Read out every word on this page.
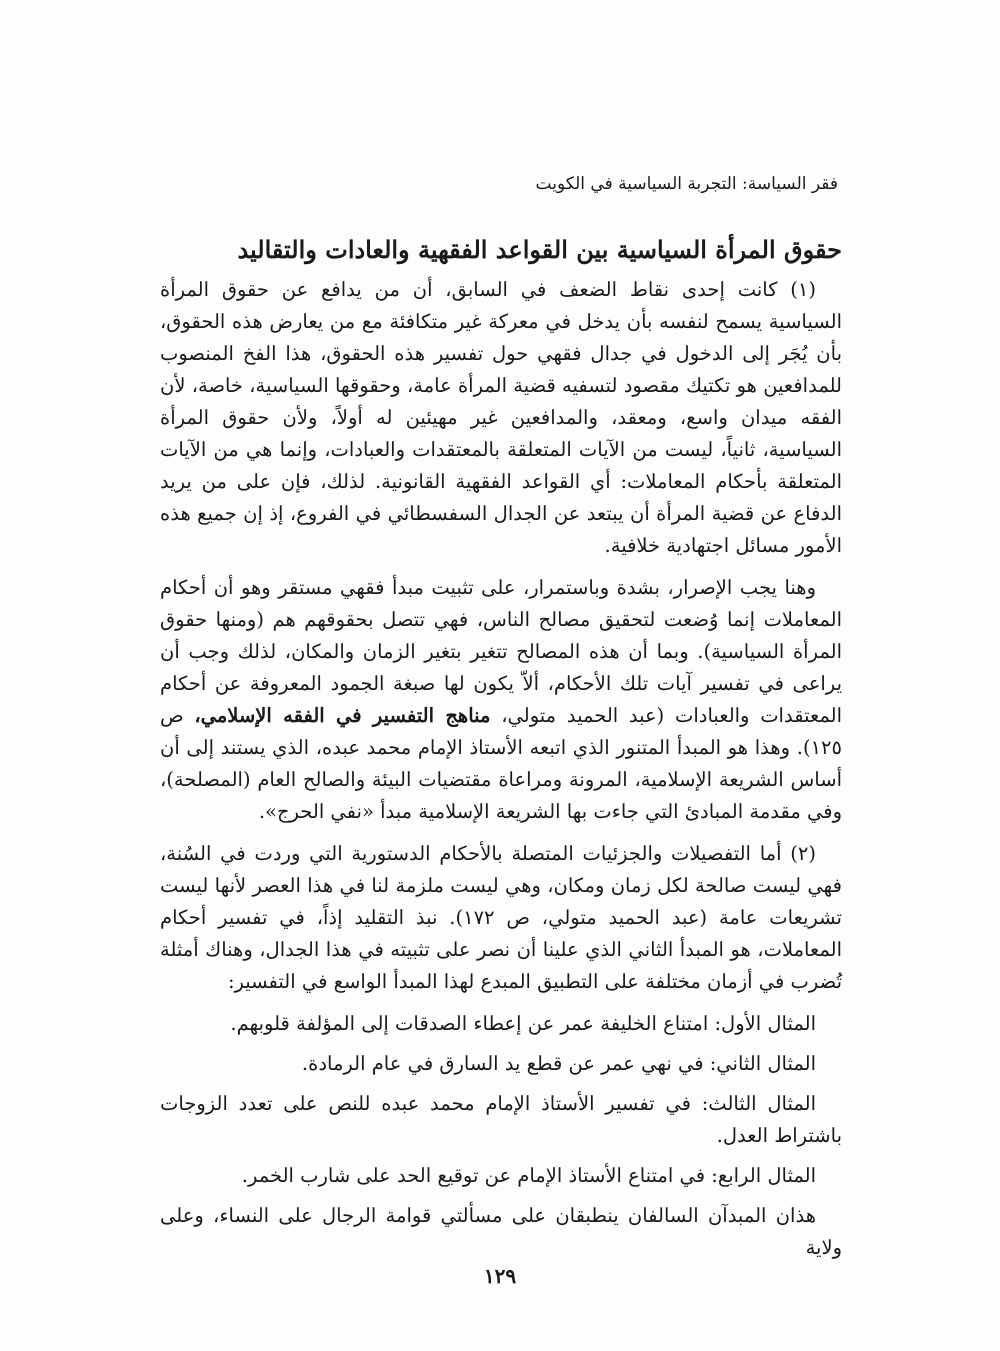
فقر السياسة: التجربة السياسية في الكويت
حقوق المرأة السياسية بين القواعد الفقهية والعادات والتقاليد

(١) كانت إحدى نقاط الضعف في السابق، أن من يدافع عن حقوق المرأة السياسية يسمح لنفسه بأن يدخل في معركة غير متكافئة مع من يعارض هذه الحقوق، بأن يُجَر إلى الدخول في جدال فقهي حول تفسير هذه الحقوق، هذا الفخ المنصوب للمدافعين هو تكتيك مقصود لتسفيه قضية المرأة عامة، وحقوقها السياسية، خاصة، لأن الفقه ميدان واسع، ومعقد، والمدافعين غير مهيئين له أولاً، ولأن حقوق المرأة السياسية، ثانياً، ليست من الآيات المتعلقة بالمعتقدات والعبادات، وإنما هي من الآيات المتعلقة بأحكام المعاملات: أي القواعد الفقهية القانونية. لذلك، فإن على من يريد الدفاع عن قضية المرأة أن يبتعد عن الجدال السفسطائي في الفروع، إذ إن جميع هذه الأمور مسائل اجتهادية خلافية.

وهنا يجب الإصرار، بشدة وباستمرار، على تثبيت مبدأ فقهي مستقر وهو أن أحكام المعاملات إنما وُضعت لتحقيق مصالح الناس، فهي تتصل بحقوقهم هم (ومنها حقوق المرأة السياسية). وبما أن هذه المصالح تتغير بتغير الزمان والمكان، لذلك وجب أن يراعى في تفسير آيات تلك الأحكام، ألاّ يكون لها صبغة الجمود المعروفة عن أحكام المعتقدات والعبادات (عبد الحميد متولي، مناهج التفسير في الفقه الإسلامي، ص ١٢٥). وهذا هو المبدأ المتنور الذي اتبعه الأستاذ الإمام محمد عبده، الذي يستند إلى أن أساس الشريعة الإسلامية، المرونة ومراعاة مقتضيات البيئة والصالح العام (المصلحة)، وفي مقدمة المبادئ التي جاءت بها الشريعة الإسلامية مبدأ «نفي الحرج».

(٢) أما التفصيلات والجزئيات المتصلة بالأحكام الدستورية التي وردت في السُنة، فهي ليست صالحة لكل زمان ومكان، وهي ليست ملزمة لنا في هذا العصر لأنها ليست تشريعات عامة (عبد الحميد متولي، ص ١٧٢). نبذ التقليد إذاً، في تفسير أحكام المعاملات، هو المبدأ الثاني الذي علينا أن نصر على تثبيته في هذا الجدال، وهناك أمثلة تُضرب في أزمان مختلفة على التطبيق المبدع لهذا المبدأ الواسع في التفسير:

المثال الأول: امتناع الخليفة عمر عن إعطاء الصدقات إلى المؤلفة قلوبهم.

المثال الثاني: في نهي عمر عن قطع يد السارق في عام الرمادة.

المثال الثالث: في تفسير الأستاذ الإمام محمد عبده للنص على تعدد الزوجات باشتراط العدل.

المثال الرابع: في امتناع الأستاذ الإمام عن توقيع الحد على شارب الخمر.

هذان المبدآن السالفان ينطبقان على مسألتي قوامة الرجال على النساء، وعلى ولاية

١٢٩
